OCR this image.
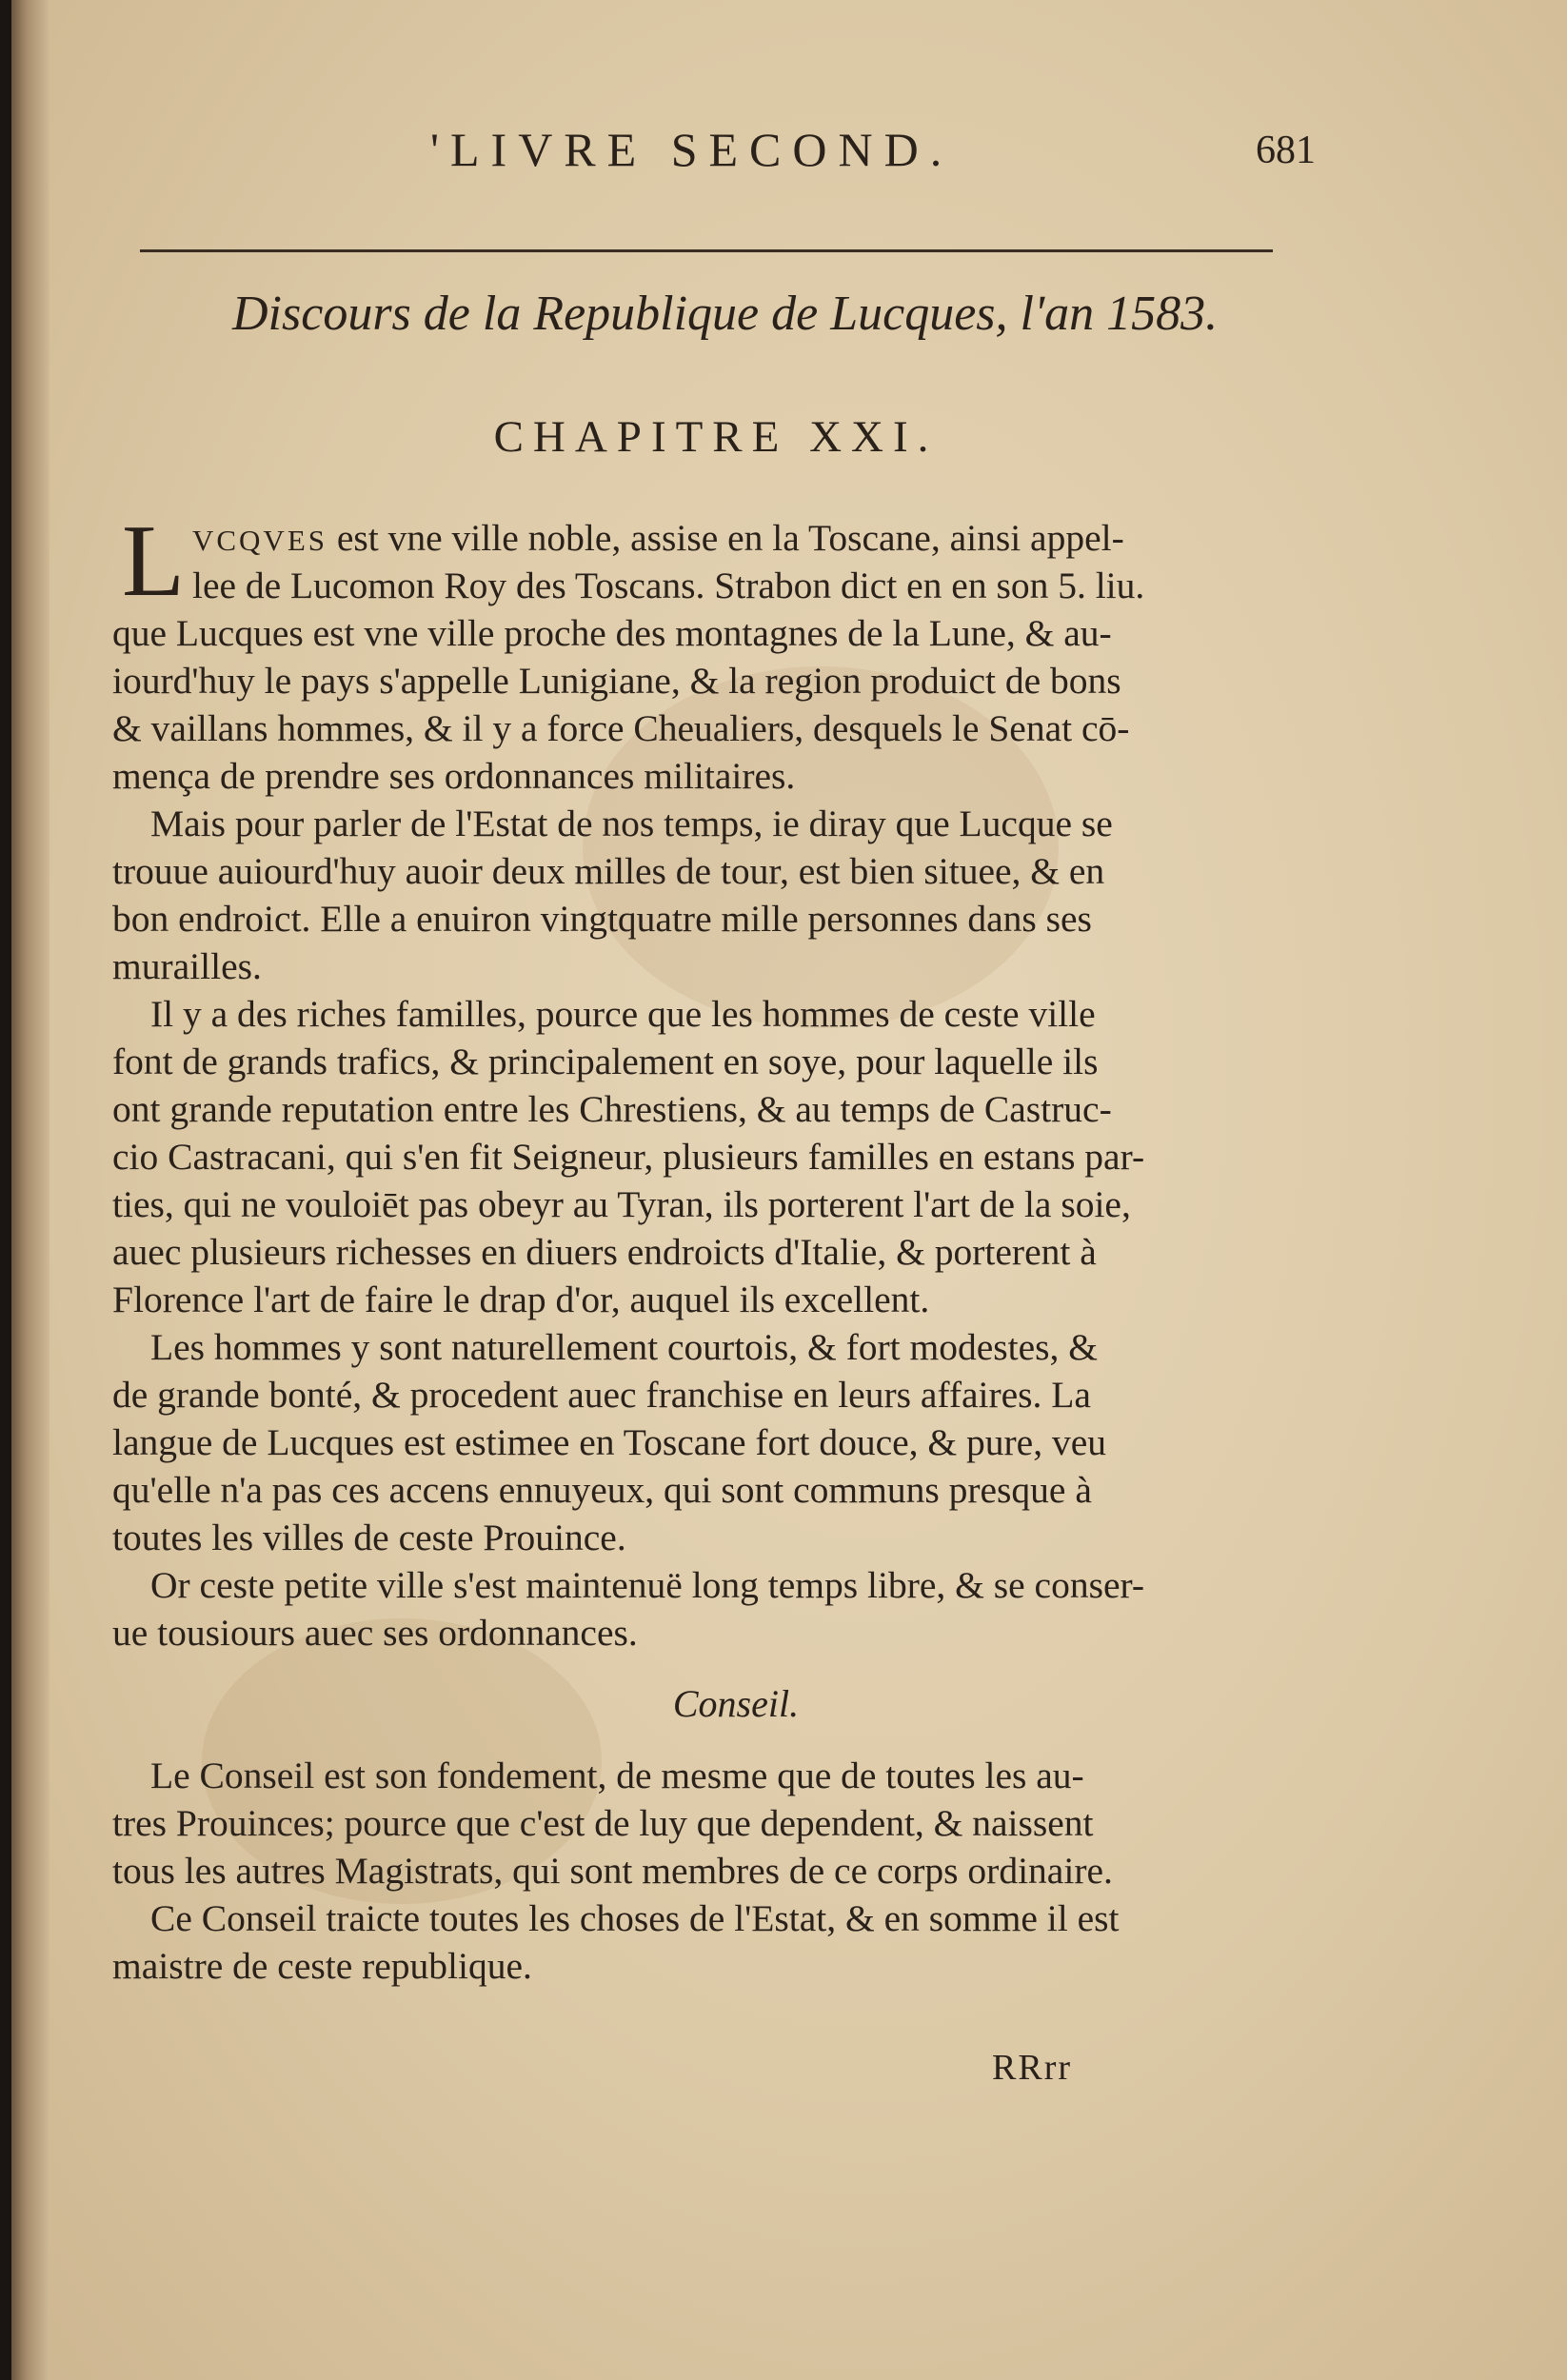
'LIVRE SECOND.	681
Discours de la Republique de Lucques, l'an 1583.
CHAPITRE XXI.
L VCQVES est vne ville noble, assise en la Toscane, ainsi appel-
lee de Lucomon Roy des Toscans. Strabon dict en en son 5. liu.
que Lucques est vne ville proche des montagnes de la Lune, & au-
iourd'huy le pays s'appelle Lunigiane, & la region produict de bons
& vaillans hommes, & il y a force Cheualiers, desquels le Senat cō-
mença de prendre ses ordonnances militaires.
Mais pour parler de l'Estat de nos temps, ie diray que Lucque se
trouue auiourd'huy auoir deux milles de tour, est bien situee, & en
bon endroict. Elle a enuiron vingtquatre mille personnes dans ses
murailles.
Il y a des riches familles, pource que les hommes de ceste ville
font de grands trafics, & principalement en soye, pour laquelle ils
ont grande reputation entre les Chrestiens, & au temps de Castruc-
cio Castracani, qui s'en fit Seigneur, plusieurs familles en estans par-
ties, qui ne vouloiēt pas obeyr au Tyran, ils porterent l'art de la soie,
auec plusieurs richesses en diuers endroicts d'Italie, & porterent à
Florence l'art de faire le drap d'or, auquel ils excellent.
Les hommes y sont naturellement courtois, & fort modestes, &
de grande bonté, & procedent auec franchise en leurs affaires. La
langue de Lucques est estimee en Toscane fort douce, & pure, veu
qu'elle n'a pas ces accens ennuyeux, qui sont communs presque à
toutes les villes de ceste Prouince.
Or ceste petite ville s'est maintenuë long temps libre, & se conser-
ue tousiours auec ses ordonnances.
Conseil.
Le Conseil est son fondement, de mesme que de toutes les au-
tres Prouinces; pource que c'est de luy que dependent, & naissent
tous les autres Magistrats, qui sont membres de ce corps ordinaire.
Ce Conseil traicte toutes les choses de l'Estat, & en somme il est
maistre de ceste republique.
RRrr
